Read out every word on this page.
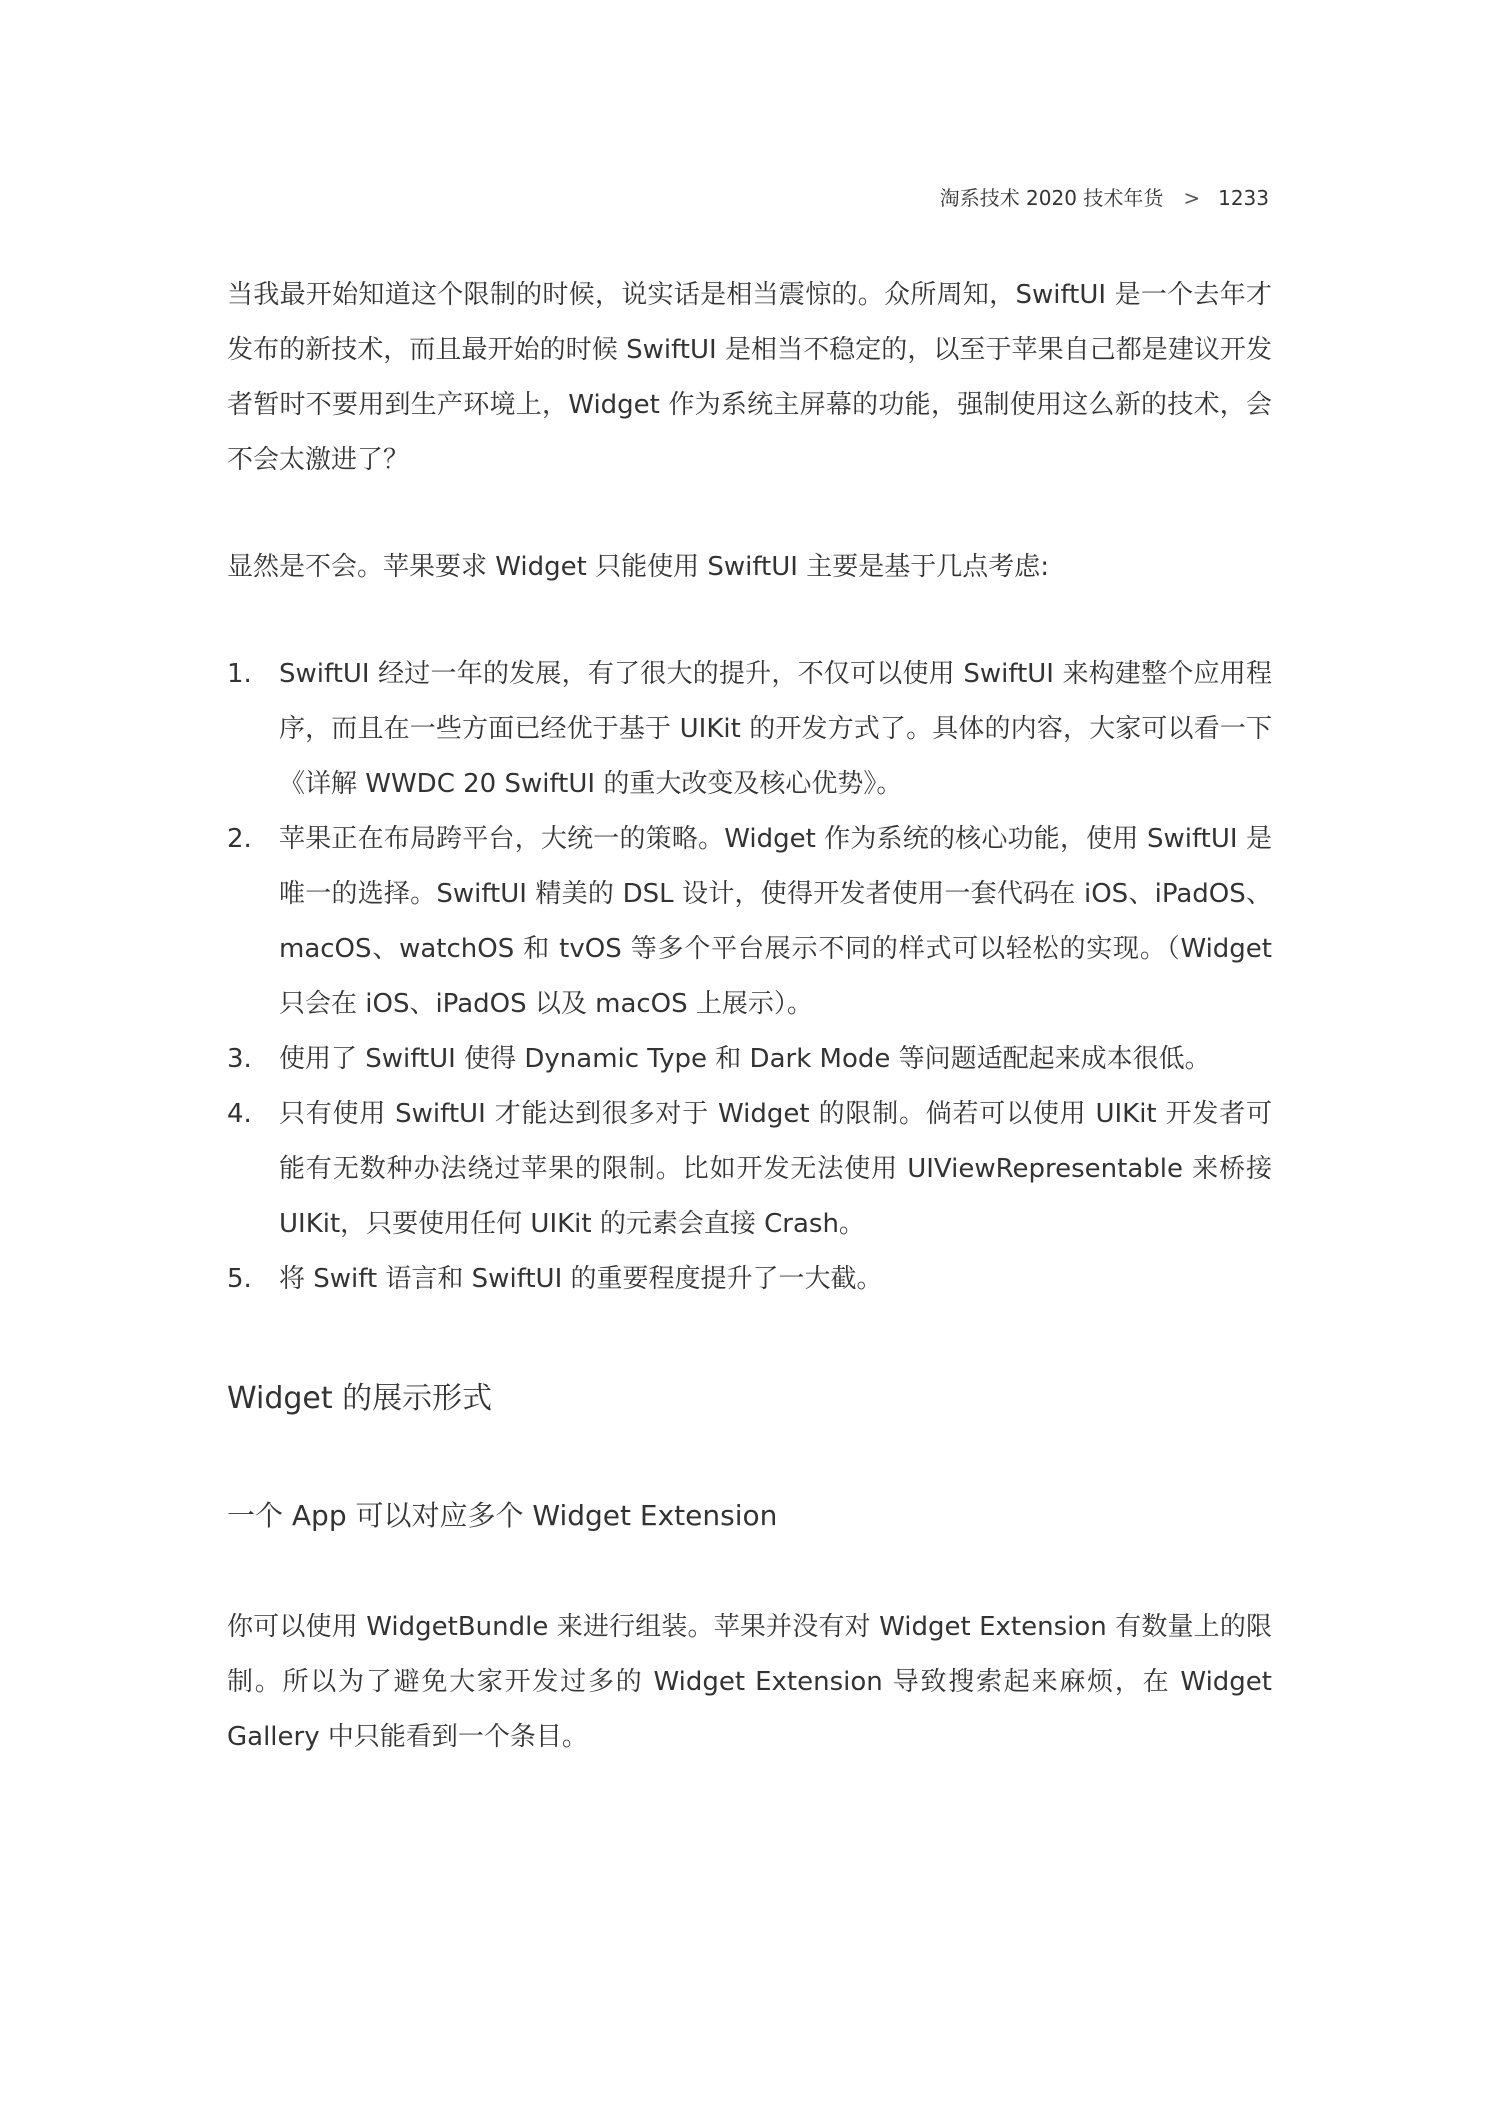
淘系技术 2020 技术年货 > 1233

当我最开始知道这个限制的时候，说实话是相当震惊的。众所周知，SwiftUI 是一个去年才发布的新技术，而且最开始的时候 SwiftUI 是相当不稳定的，以至于苹果自己都是建议开发者暂时不要用到生产环境上，Widget 作为系统主屏幕的功能，强制使用这么新的技术，会不会太激进了？

显然是不会。苹果要求 Widget 只能使用 SwiftUI 主要是基于几点考虑:

1. SwiftUI 经过一年的发展，有了很大的提升，不仅可以使用 SwiftUI 来构建整个应用程序，而且在一些方面已经优于基于 UIKit 的开发方式了。具体的内容，大家可以看一下《详解 WWDC 20 SwiftUI 的重大改变及核心优势》。
2. 苹果正在布局跨平台，大统一的策略。Widget 作为系统的核心功能，使用 SwiftUI 是唯一的选择。SwiftUI 精美的 DSL 设计，使得开发者使用一套代码在 iOS、iPadOS、macOS、watchOS 和 tvOS 等多个平台展示不同的样式可以轻松的实现。（Widget 只会在 iOS、iPadOS 以及 macOS 上展示）。
3. 使用了 SwiftUI 使得 Dynamic Type 和 Dark Mode 等问题适配起来成本很低。
4. 只有使用 SwiftUI 才能达到很多对于 Widget 的限制。倘若可以使用 UIKit 开发者可能有无数种办法绕过苹果的限制。比如开发无法使用 UIViewRepresentable 来桥接 UIKit，只要使用任何 UIKit 的元素会直接 Crash。
5. 将 Swift 语言和 SwiftUI 的重要程度提升了一大截。
Widget 的展示形式
一个 App 可以对应多个 Widget Extension

你可以使用 WidgetBundle 来进行组装。苹果并没有对 Widget Extension 有数量上的限制。所以为了避免大家开发过多的 Widget Extension 导致搜索起来麻烦，在 Widget Gallery 中只能看到一个条目。
